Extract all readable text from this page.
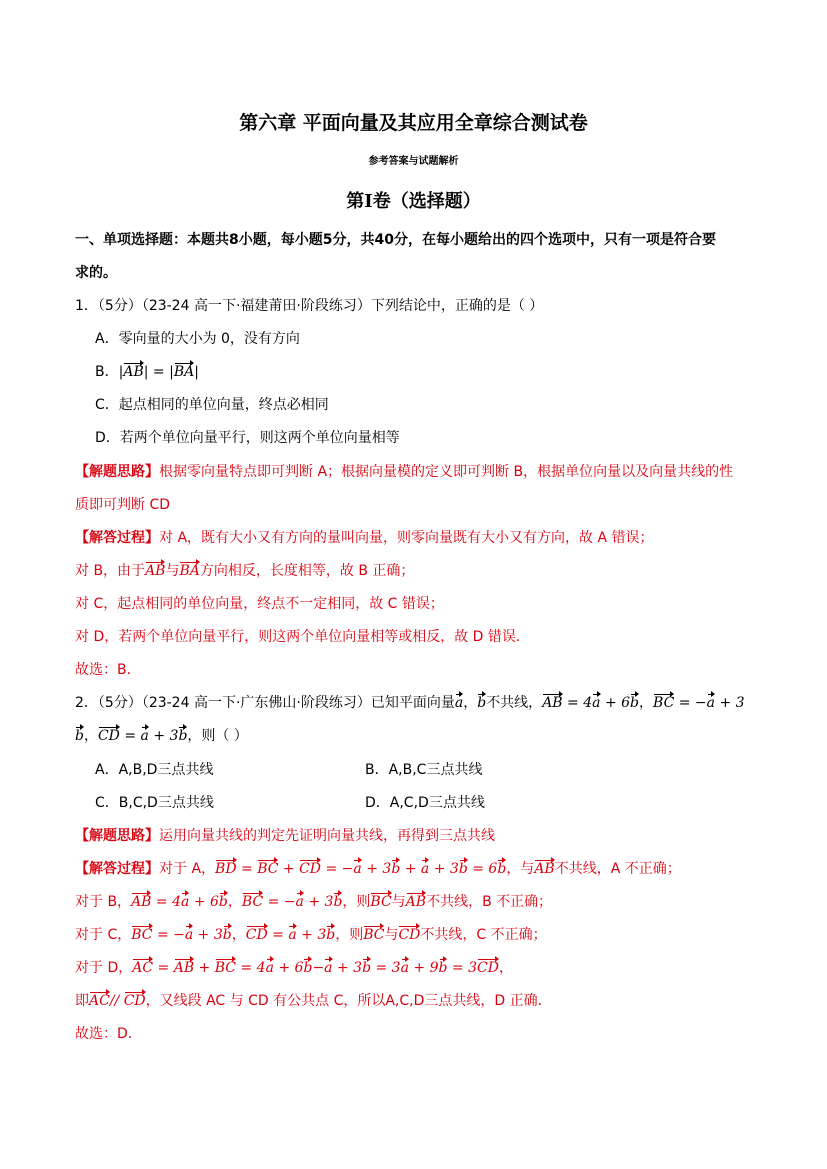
第六章 平面向量及其应用全章综合测试卷
参考答案与试题解析
第Ⅰ卷（选择题）
一、单项选择题：本题共8小题，每小题5分，共40分，在每小题给出的四个选项中，只有一项是符合要
求的。
1．（5分）（23-24 高一下·福建莆田·阶段练习）下列结论中，正确的是（ ）
A．零向量的大小为 0，没有方向
B．|AB| = |BA|
C．起点相同的单位向量，终点必相同
D．若两个单位向量平行，则这两个单位向量相等
【解题思路】根据零向量特点即可判断 A；根据向量模的定义即可判断 B，根据单位向量以及向量共线的性
质即可判断 CD
【解答过程】对 A，既有大小又有方向的量叫向量，则零向量既有大小又有方向，故 A 错误；
对 B，由于AB与BA方向相反，长度相等，故 B 正确；
对 C，起点相同的单位向量，终点不一定相同，故 C 错误；
对 D，若两个单位向量平行，则这两个单位向量相等或相反，故 D 错误．
故选：B．
2．（5分）（23-24 高一下·广东佛山·阶段练习）已知平面向量a，b不共线，AB = 4a + 6b，BC = −a + 3
b，CD = a + 3b，则（ ）
A．A,B,D三点共线	B．A,B,C三点共线
C．B,C,D三点共线	D．A,C,D三点共线
【解题思路】运用向量共线的判定先证明向量共线，再得到三点共线
【解答过程】对于 A，BD = BC + CD = −a + 3b + a + 3b = 6b，与AB不共线，A 不正确；
对于 B，AB = 4a + 6b，BC = −a + 3b，则BC与AB不共线，B 不正确；
对于 C，BC = −a + 3b，CD = a + 3b，则BC与CD不共线，C 不正确；
对于 D，AC = AB + BC = 4a + 6b−a + 3b = 3a + 9b = 3CD，
即AC// CD，又线段 AC 与 CD 有公共点 C，所以A,C,D三点共线，D 正确．
故选：D．
